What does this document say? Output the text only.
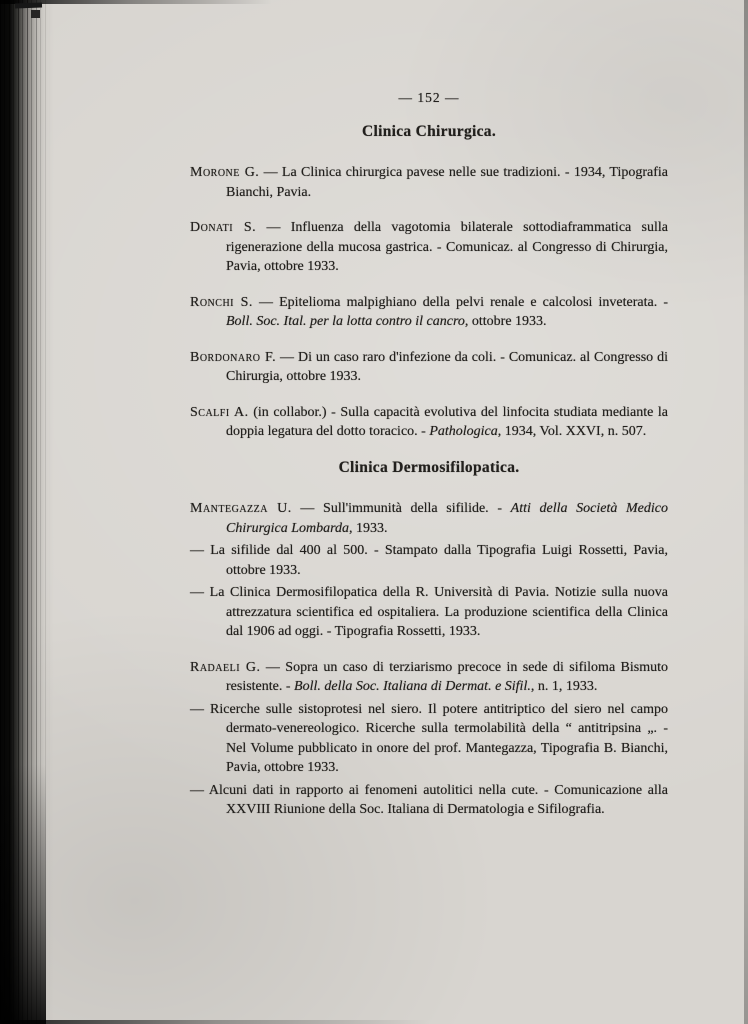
— 152 —
Clinica Chirurgica.

Morone G. — La Clinica chirurgica pavese nelle sue tradizioni. - 1934, Tipografia Bianchi, Pavia.

Donati S. — Influenza della vagotomia bilaterale sottodiaframmatica sulla rigenerazione della mucosa gastrica. - Comunicaz. al Congresso di Chirurgia, Pavia, ottobre 1933.

Ronchi S. — Epitelioma malpighiano della pelvi renale e calcolosi inveterata. - Boll. Soc. Ital. per la lotta contro il cancro, ottobre 1933.

Bordonaro F. — Di un caso raro d'infezione da coli. - Comunicaz. al Congresso di Chirurgia, ottobre 1933.

Scalfi A. (in collabor.) - Sulla capacità evolutiva del linfocita studiata mediante la doppia legatura del dotto toracico. - Pathologica, 1934, Vol. XXVI, n. 507.

Clinica Dermosifilopatica.

Mantegazza U. — Sull'immunità della sifilide. - Atti della Società Medico Chirurgica Lombarda, 1933.

— La sifilide dal 400 al 500. - Stampato dalla Tipografia Luigi Rossetti, Pavia, ottobre 1933.

— La Clinica Dermosifilopatica della R. Università di Pavia. Notizie sulla nuova attrezzatura scientifica ed ospitaliera. La produzione scientifica della Clinica dal 1906 ad oggi. - Tipografia Rossetti, 1933.

Radaeli G. — Sopra un caso di terziarismo precoce in sede di sifiloma Bismuto resistente. - Boll. della Soc. Italiana di Dermat. e Sifil., n. 1, 1933.

— Ricerche sulle sistoprotesi nel siero. Il potere antitriptico del siero nel campo dermato-venereologico. Ricerche sulla termolabilità della “ antitripsina „. - Nel Volume pubblicato in onore del prof. Mantegazza, Tipografia B. Bianchi, Pavia, ottobre 1933.

— Alcuni dati in rapporto ai fenomeni autolitici nella cute. - Comunicazione alla XXVIII Riunione della Soc. Italiana di Dermatologia e Sifilografia.
